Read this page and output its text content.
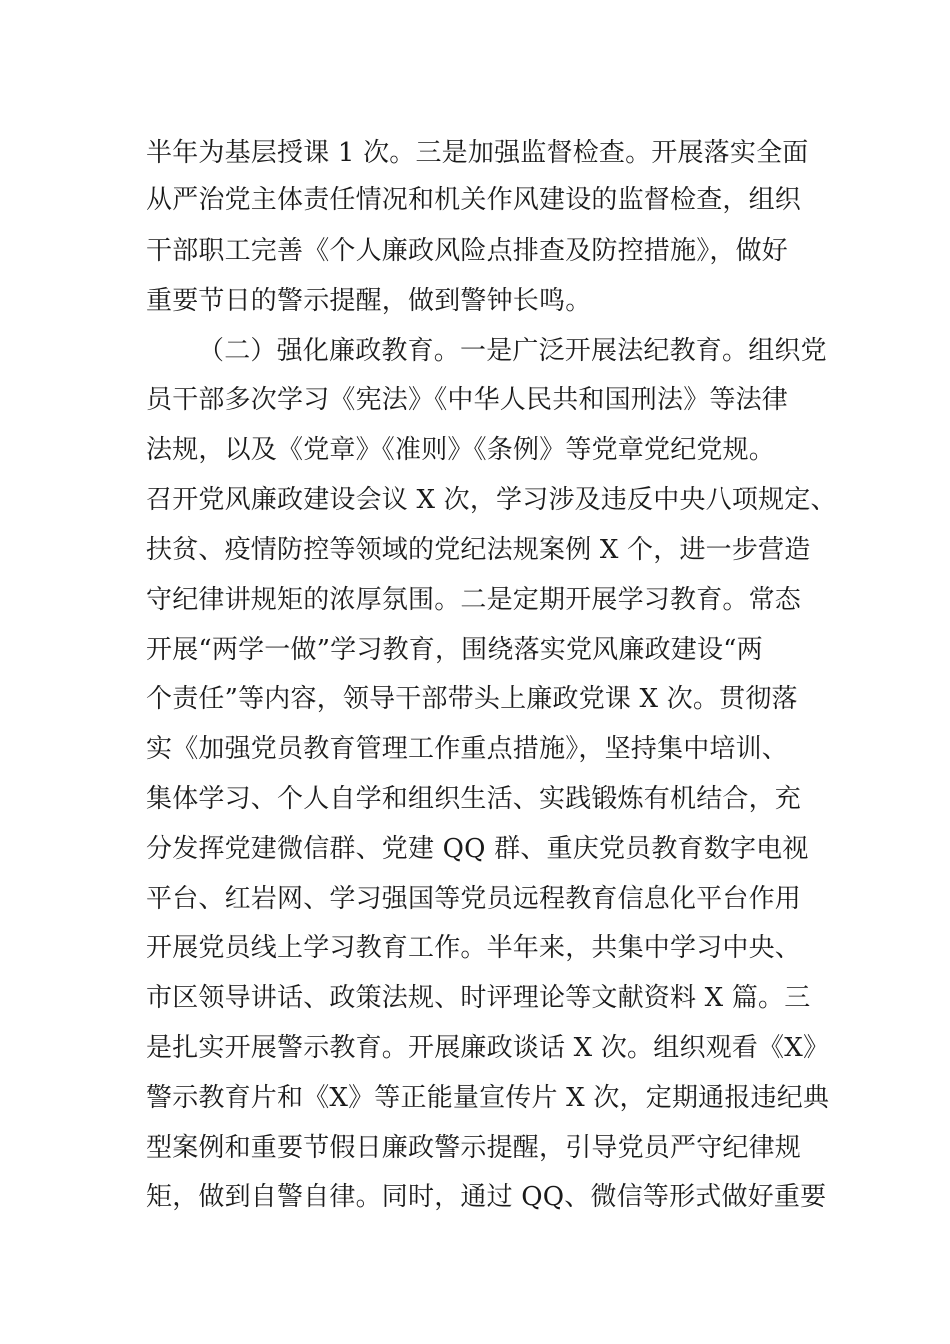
半年为基层授课 1 次。三是加强监督检查。开展落实全面
从严治党主体责任情况和机关作风建设的监督检查，组织
干部职工完善《个人廉政风险点排查及防控措施》，做好
重要节日的警示提醒，做到警钟长鸣。
（二）强化廉政教育。一是广泛开展法纪教育。组织党
员干部多次学习《宪法》《中华人民共和国刑法》等法律
法规，以及《党章》《准则》《条例》等党章党纪党规。
召开党风廉政建设会议 X 次，学习涉及违反中央八项规定、
扶贫、疫情防控等领域的党纪法规案例 X 个，进一步营造
守纪律讲规矩的浓厚氛围。二是定期开展学习教育。常态
开展“两学一做”学习教育，围绕落实党风廉政建设“两
个责任”等内容，领导干部带头上廉政党课 X 次。贯彻落
实《加强党员教育管理工作重点措施》，坚持集中培训、
集体学习、个人自学和组织生活、实践锻炼有机结合，充
分发挥党建微信群、党建 QQ 群、重庆党员教育数字电视
平台、红岩网、学习强国等党员远程教育信息化平台作用
开展党员线上学习教育工作。半年来，共集中学习中央、
市区领导讲话、政策法规、时评理论等文献资料 X 篇。三
是扎实开展警示教育。开展廉政谈话 X 次。组织观看《X》
警示教育片和《X》等正能量宣传片 X 次，定期通报违纪典
型案例和重要节假日廉政警示提醒，引导党员严守纪律规
矩，做到自警自律。同时，通过 QQ、微信等形式做好重要
